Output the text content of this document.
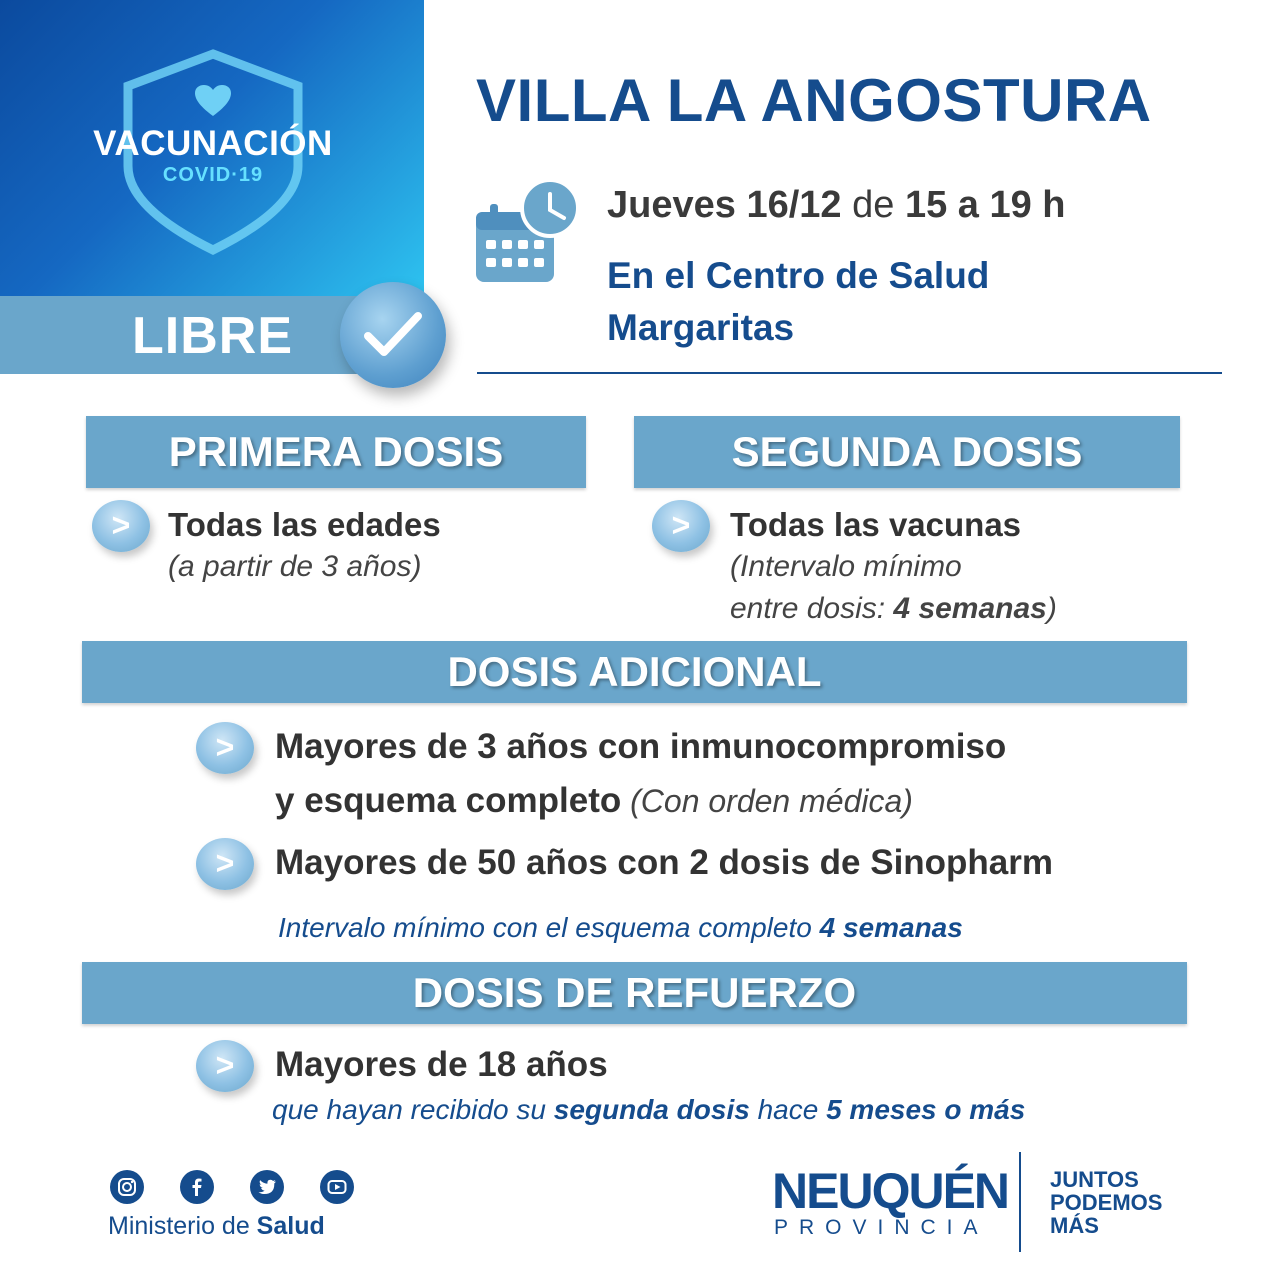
VACUNACIÓN
COVID·19
LIBRE
VILLA LA ANGOSTURA
Jueves 16/12 de 15 a 19 h
En el Centro de Salud
Margaritas
PRIMERA DOSIS	SEGUNDA DOSIS
>	Todas las edades
(a partir de 3 años)
>	Todas las vacunas
(Intervalo mínimo
entre dosis: 4 semanas)
DOSIS ADICIONAL
>	Mayores de 3 años con inmunocompromiso
y esquema completo (Con orden médica)
>	Mayores de 50 años con 2 dosis de Sinopharm
Intervalo mínimo con el esquema completo 4 semanas
DOSIS DE REFUERZO
>	Mayores de 18 años
que hayan recibido su segunda dosis hace 5 meses o más
Ministerio de Salud
NEUQUÉN
PROVINCIA
JUNTOS
PODEMOS
MÁS
